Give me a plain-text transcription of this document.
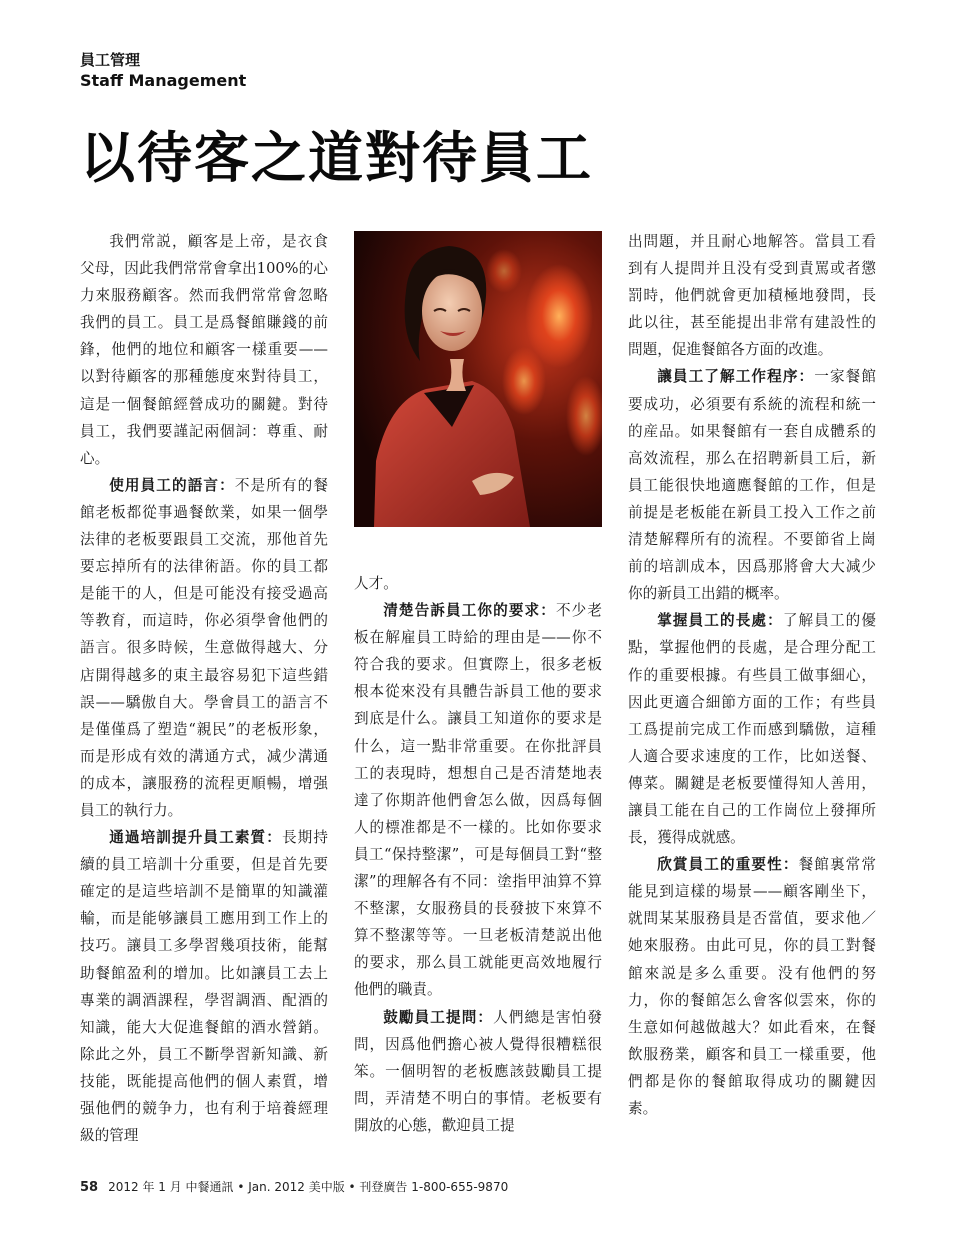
員工管理
Staff Management
以待客之道對待員工

我們常説，顧客是上帝，是衣食父母，因此我們常常會拿出100%的心力來服務顧客。然而我們常常會忽略我們的員工。員工是爲餐館賺錢的前鋒，他們的地位和顧客一樣重要——以對待顧客的那種態度來對待員工，這是一個餐館經營成功的關鍵。對待員工，我們要謹記兩個詞：尊重、耐心。

使用員工的語言：不是所有的餐館老板都從事過餐飲業，如果一個學法律的老板要跟員工交流，那他首先要忘掉所有的法律術語。你的員工都是能干的人，但是可能没有接受過高等教育，而這時，你必須學會他們的語言。很多時候，生意做得越大、分店開得越多的東主最容易犯下這些錯誤——驕傲自大。學會員工的語言不是僅僅爲了塑造“親民”的老板形象，而是形成有效的溝通方式，减少溝通的成本，讓服務的流程更順暢，增强員工的執行力。

通過培訓提升員工素質：長期持續的員工培訓十分重要，但是首先要確定的是這些培訓不是簡單的知識灌輸，而是能够讓員工應用到工作上的技巧。讓員工多學習幾項技術，能幫助餐館盈利的增加。比如讓員工去上專業的調酒課程，學習調酒、配酒的知識，能大大促進餐館的酒水營銷。除此之外，員工不斷學習新知識、新技能，既能提高他們的個人素質，增强他們的競争力，也有利于培養經理級的管理

人才。

清楚告訴員工你的要求：不少老板在解雇員工時給的理由是——你不符合我的要求。但實際上，很多老板根本從來没有具體告訴員工他的要求到底是什么。讓員工知道你的要求是什么，這一點非常重要。在你批評員工的表現時，想想自己是否清楚地表達了你期許他們會怎么做，因爲每個人的標准都是不一樣的。比如你要求員工“保持整潔”，可是每個員工對“整潔”的理解各有不同：塗指甲油算不算不整潔，女服務員的長發披下來算不算不整潔等等。一旦老板清楚説出他的要求，那么員工就能更高效地履行他們的職責。

鼓勵員工提問：人們總是害怕發問，因爲他們擔心被人覺得很糟糕很笨。一個明智的老板應該鼓勵員工提問，弄清楚不明白的事情。老板要有開放的心態，歡迎員工提

出問題，并且耐心地解答。當員工看到有人提問并且没有受到責罵或者懲罰時，他們就會更加積極地發問，長此以往，甚至能提出非常有建設性的問題，促進餐館各方面的改進。

讓員工了解工作程序：一家餐館要成功，必須要有系統的流程和統一的産品。如果餐館有一套自成體系的高效流程，那么在招聘新員工后，新員工能很快地適應餐館的工作，但是前提是老板能在新員工投入工作之前清楚解釋所有的流程。不要節省上崗前的培訓成本，因爲那將會大大减少你的新員工出錯的概率。

掌握員工的長處：了解員工的優點，掌握他們的長處，是合理分配工作的重要根據。有些員工做事細心，因此更適合細節方面的工作；有些員工爲提前完成工作而感到驕傲，這種人適合要求速度的工作，比如送餐、傳菜。關鍵是老板要懂得知人善用，讓員工能在自己的工作崗位上發揮所長，獲得成就感。

欣賞員工的重要性：餐館裏常常能見到這樣的場景——顧客剛坐下，就問某某服務員是否當值，要求他／她來服務。由此可見，你的員工對餐館來説是多么重要。没有他們的努力，你的餐館怎么會客似雲來，你的生意如何越做越大？如此看來，在餐飲服務業，顧客和員工一樣重要，他們都是你的餐館取得成功的關鍵因素。

58 2012 年 1 月 中餐通訊 • Jan. 2012 美中版 • 刊登廣告 1-800-655-9870
